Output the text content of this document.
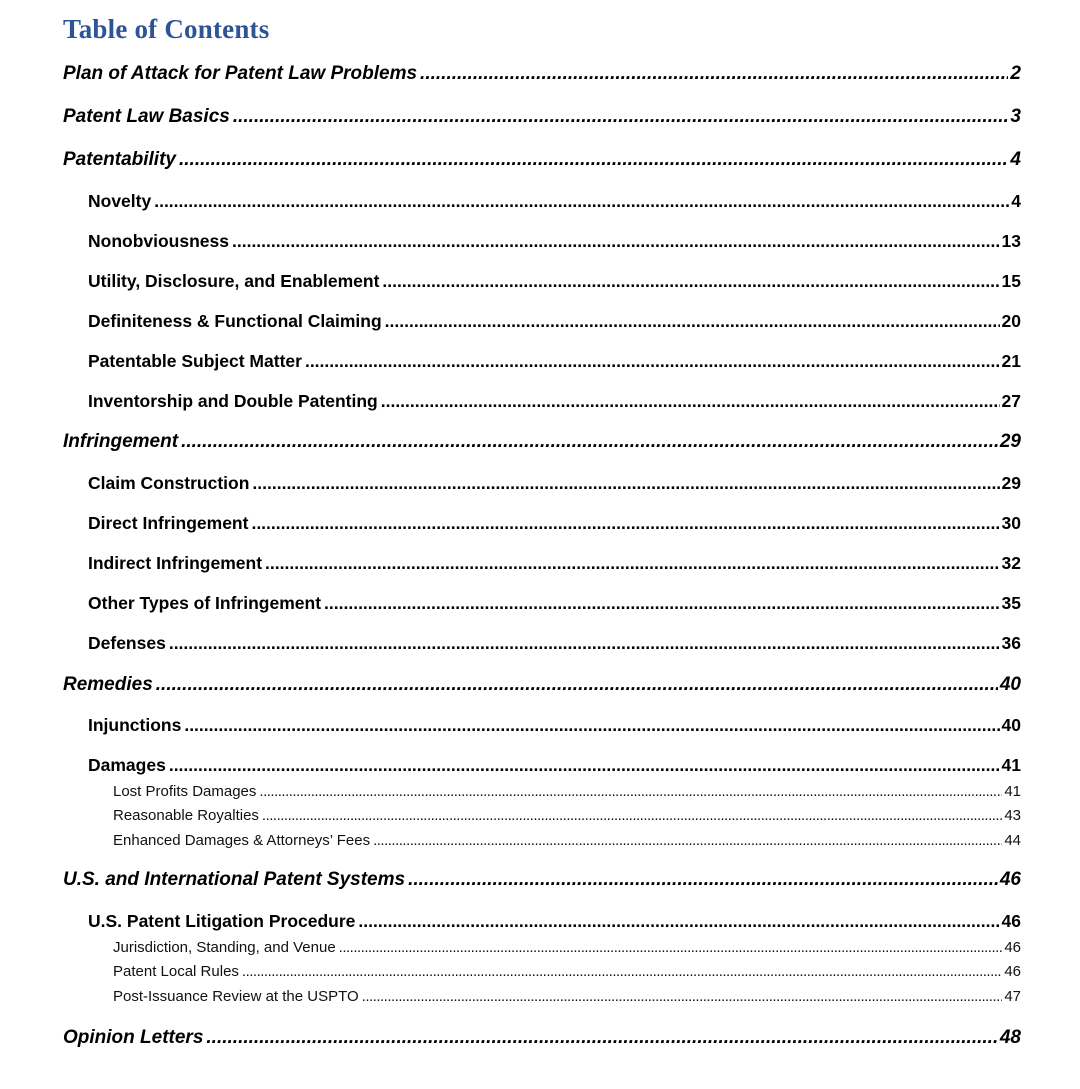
Table of Contents
Plan of Attack for Patent Law Problems .....	2
Patent Law Basics .....	3
Patentability .....	4
Novelty .....	4
Nonobviousness .....	13
Utility, Disclosure, and Enablement .....	15
Definiteness & Functional Claiming .....	20
Patentable Subject Matter .....	21
Inventorship and Double Patenting .....	27
Infringement .....	29
Claim Construction .....	29
Direct Infringement .....	30
Indirect Infringement .....	32
Other Types of Infringement .....	35
Defenses .....	36
Remedies .....	40
Injunctions .....	40
Damages .....	41
Lost Profits Damages .....	41
Reasonable Royalties .....	43
Enhanced Damages & Attorneys’ Fees .....	44
U.S. and International Patent Systems .....	46
U.S. Patent Litigation Procedure .....	46
Jurisdiction, Standing, and Venue .....	46
Patent Local Rules .....	46
Post-Issuance Review at the USPTO .....	47
Opinion Letters .....	48
